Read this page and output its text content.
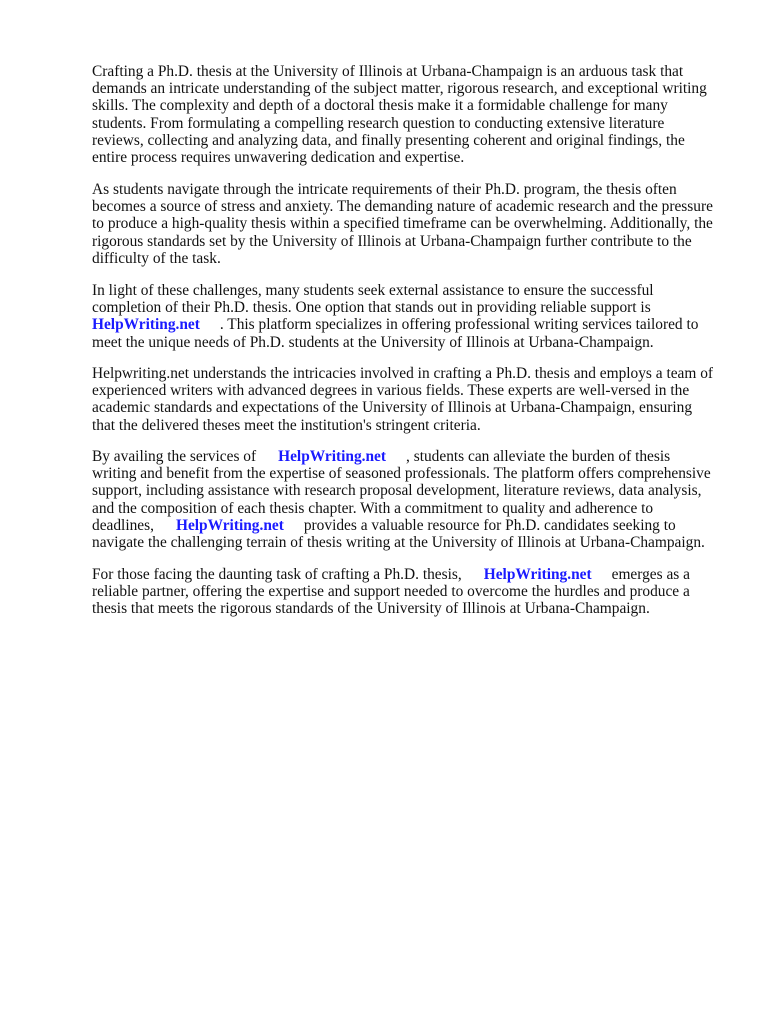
Crafting a Ph.D. thesis at the University of Illinois at Urbana-Champaign is an arduous task that
demands an intricate understanding of the subject matter, rigorous research, and exceptional writing
skills. The complexity and depth of a doctoral thesis make it a formidable challenge for many
students. From formulating a compelling research question to conducting extensive literature
reviews, collecting and analyzing data, and finally presenting coherent and original findings, the
entire process requires unwavering dedication and expertise.

As students navigate through the intricate requirements of their Ph.D. program, the thesis often
becomes a source of stress and anxiety. The demanding nature of academic research and the pressure
to produce a high-quality thesis within a specified timeframe can be overwhelming. Additionally, the
rigorous standards set by the University of Illinois at Urbana-Champaign further contribute to the
difficulty of the task.

In light of these challenges, many students seek external assistance to ensure the successful
completion of their Ph.D. thesis. One option that stands out in providing reliable support is
HelpWriting.net . This platform specializes in offering professional writing services tailored to
meet the unique needs of Ph.D. students at the University of Illinois at Urbana-Champaign.

Helpwriting.net understands the intricacies involved in crafting a Ph.D. thesis and employs a team of
experienced writers with advanced degrees in various fields. These experts are well-versed in the
academic standards and expectations of the University of Illinois at Urbana-Champaign, ensuring
that the delivered theses meet the institution's stringent criteria.

By availing the services of HelpWriting.net , students can alleviate the burden of thesis
writing and benefit from the expertise of seasoned professionals. The platform offers comprehensive
support, including assistance with research proposal development, literature reviews, data analysis,
and the composition of each thesis chapter. With a commitment to quality and adherence to
deadlines, HelpWriting.net provides a valuable resource for Ph.D. candidates seeking to
navigate the challenging terrain of thesis writing at the University of Illinois at Urbana-Champaign.

For those facing the daunting task of crafting a Ph.D. thesis, HelpWriting.net emerges as a
reliable partner, offering the expertise and support needed to overcome the hurdles and produce a
thesis that meets the rigorous standards of the University of Illinois at Urbana-Champaign.
